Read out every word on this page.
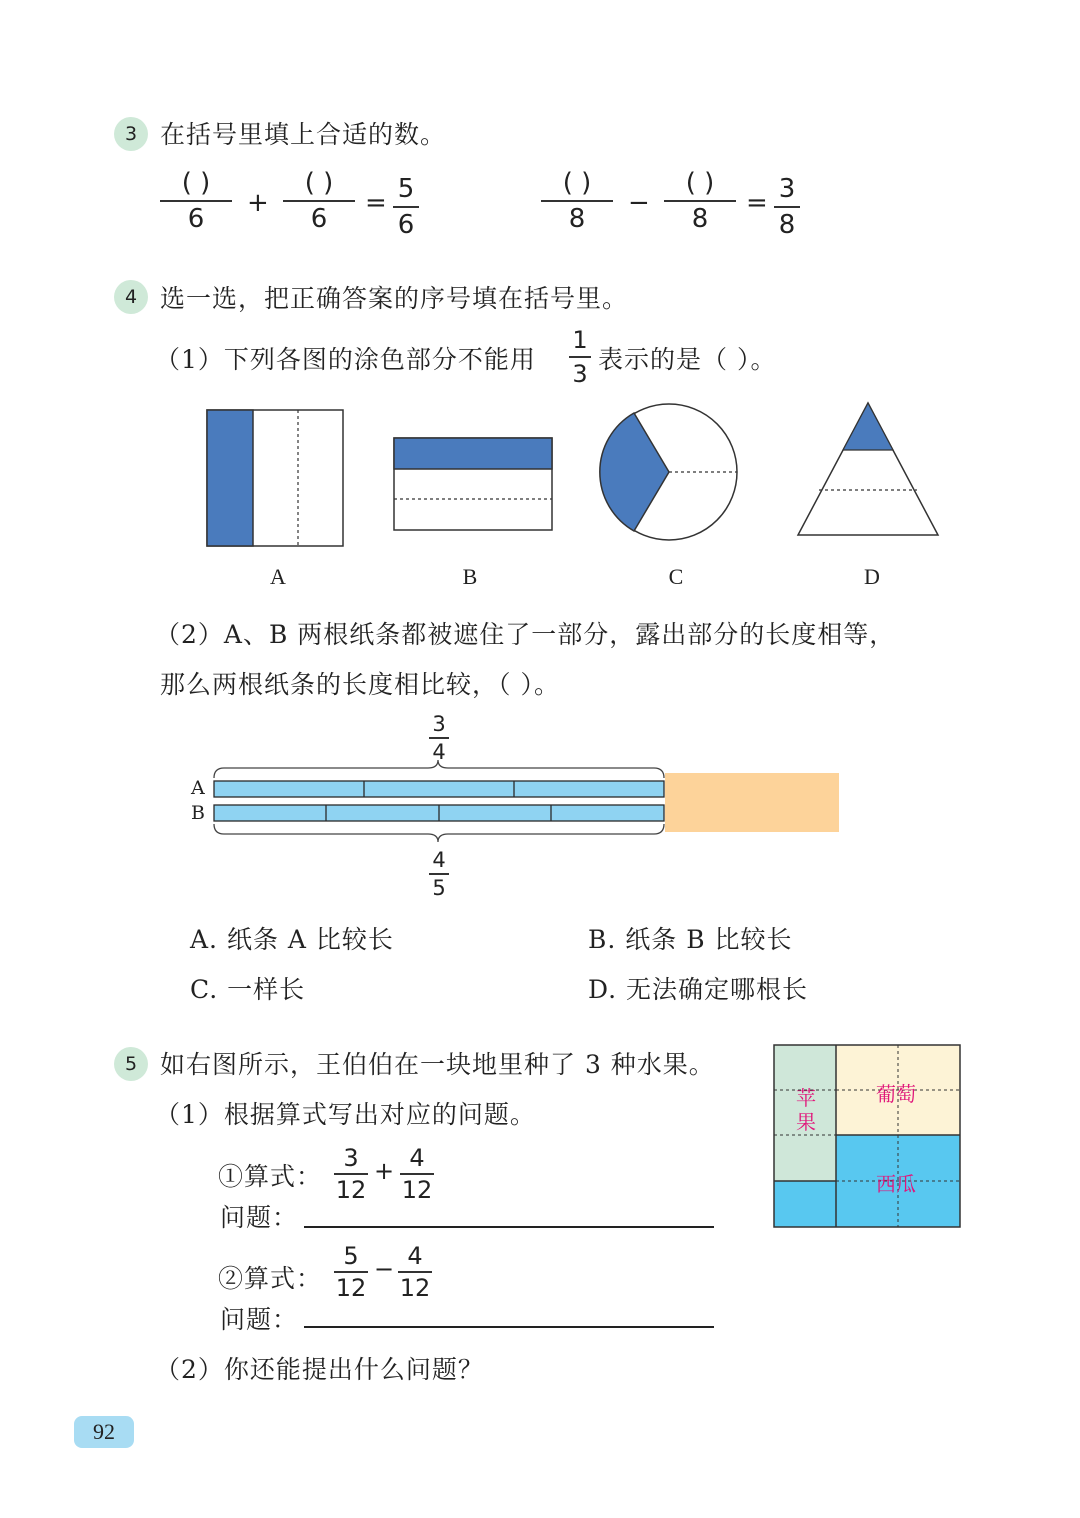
3 在括号里填上合适的数。
( )
6
+
( )
6
= 5
6
( )
8
−
( )
8
= 3
8
4 选一选，把正确答案的序号填在括号里。
（1）下列各图的涂色部分不能用
1
3 表示的是（ ）。
A	B	C	D
（2）A、B 两根纸条都被遮住了一部分，露出部分的长度相等，
那么两根纸条的长度相比较，（ ）。
3
4
A
B
4
5
A. 纸条 A 比较长	B. 纸条 B 比较长
C. 一样长	D. 无法确定哪根长
5 如右图所示，王伯伯在一块地里种了 3 种水果。
（1）根据算式写出对应的问题。
①算式：
3
12
+ 4
12
问题：
②算式：
5
12
− 4
12
问题：
（2）你还能提出什么问题？
苹
果
葡萄
西瓜
92
